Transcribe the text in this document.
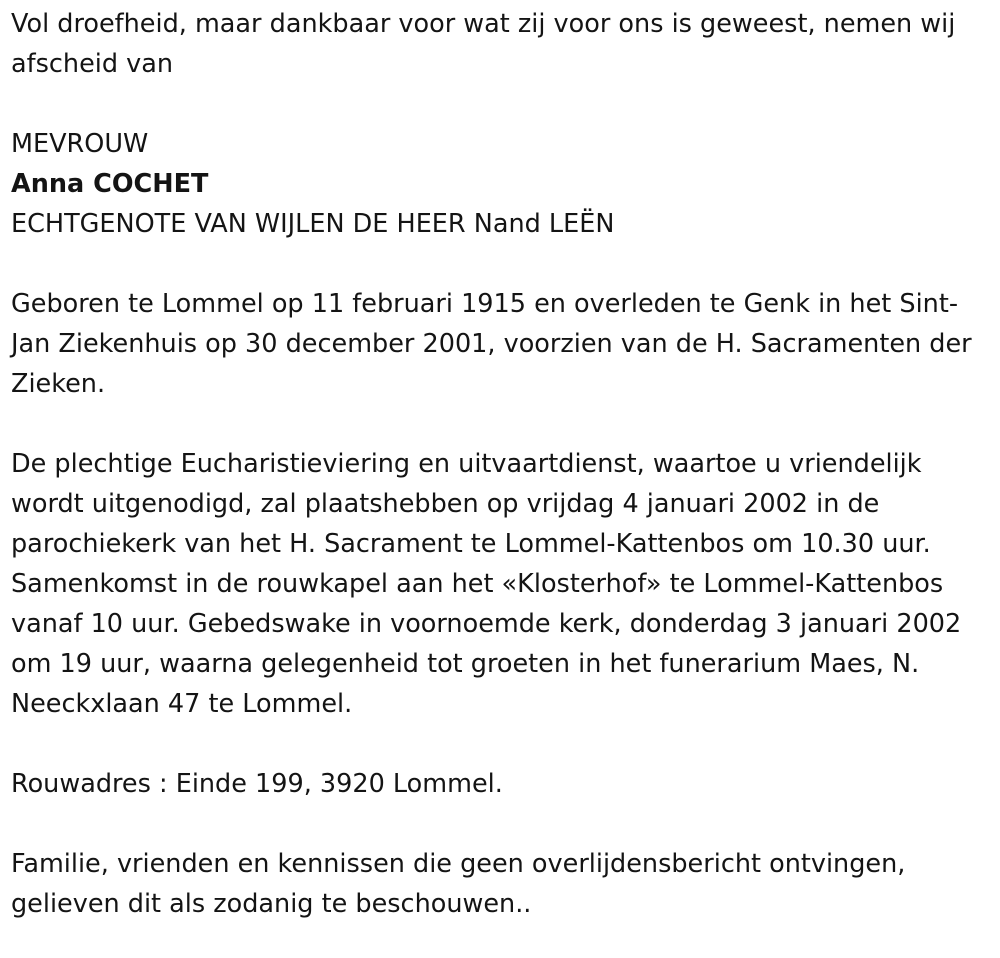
Vol droefheid, maar dankbaar voor wat zij voor ons is geweest, nemen wij afscheid van

MEVROUW

Anna COCHET

ECHTGENOTE VAN WIJLEN DE HEER Nand LEËN

Geboren te Lommel op 11 februari 1915 en overleden te Genk in het Sint-Jan Ziekenhuis op 30 december 2001, voorzien van de H. Sacramenten der Zieken.

De plechtige Eucharistieviering en uitvaartdienst, waartoe u vriendelijk wordt uitgenodigd, zal plaatshebben op vrijdag 4 januari 2002 in de parochiekerk van het H. Sacrament te Lommel-Kattenbos om 10.30 uur. Samenkomst in de rouwkapel aan het «Klosterhof» te Lommel-Kattenbos vanaf 10 uur. Gebedswake in voornoemde kerk, donderdag 3 januari 2002 om 19 uur, waarna gelegenheid tot groeten in het funerarium Maes, N. Neeckxlaan 47 te Lommel.

Rouwadres : Einde 199, 3920 Lommel.

Familie, vrienden en kennissen die geen overlijdensbericht ontvingen, gelieven dit als zodanig te beschouwen..
